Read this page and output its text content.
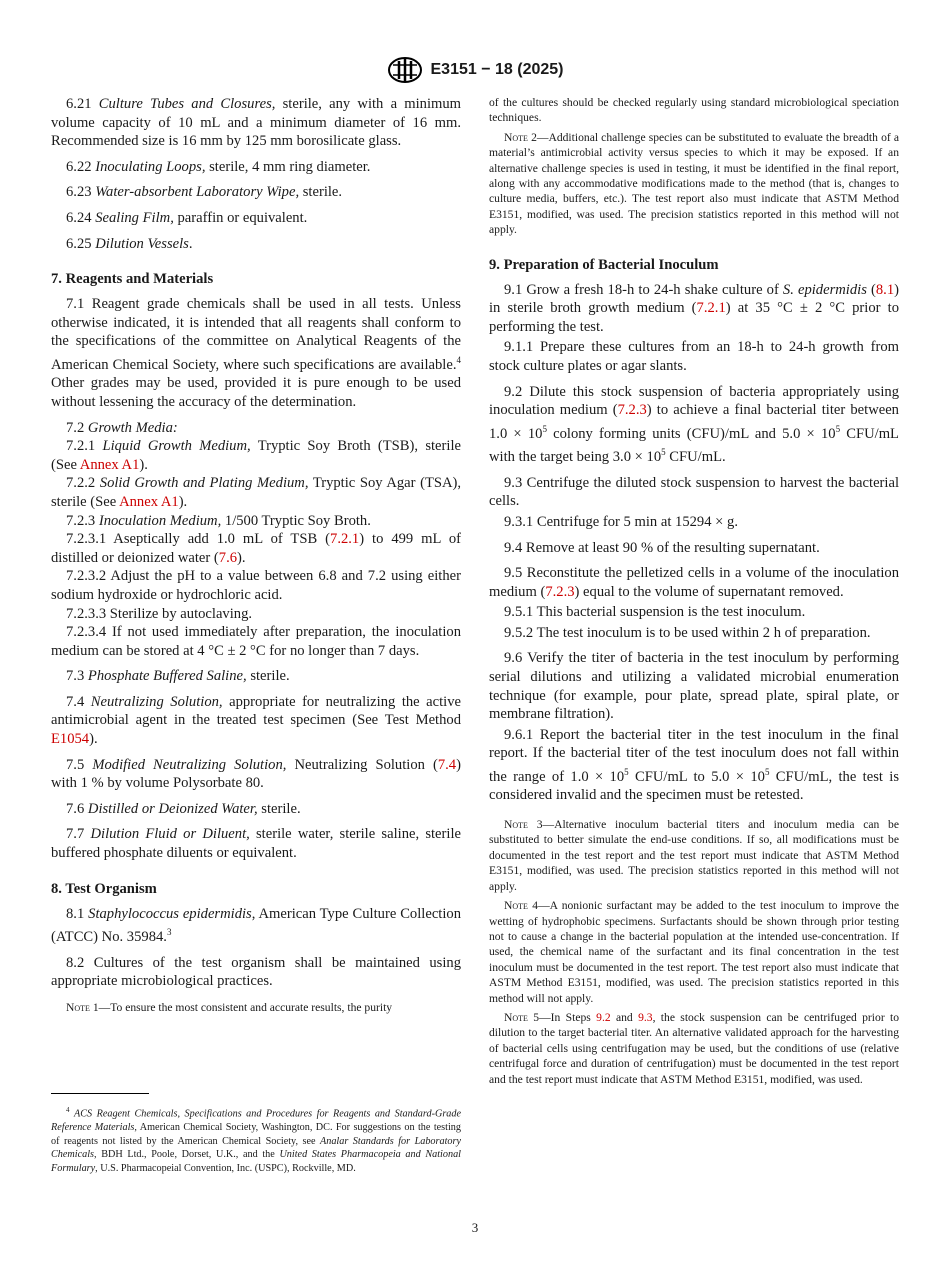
E3151 − 18 (2025)

6.21 Culture Tubes and Closures, sterile, any with a minimum volume capacity of 10 mL and a minimum diameter of 16 mm. Recommended size is 16 mm by 125 mm borosilicate glass.

6.22 Inoculating Loops, sterile, 4 mm ring diameter.

6.23 Water-absorbent Laboratory Wipe, sterile.

6.24 Sealing Film, paraffin or equivalent.

6.25 Dilution Vessels.

7. Reagents and Materials

7.1 Reagent grade chemicals shall be used in all tests. Unless otherwise indicated, it is intended that all reagents shall conform to the specifications of the committee on Analytical Reagents of the American Chemical Society, where such specifications are available.$^4$ Other grades may be used, provided it is pure enough to be used without lessening the accuracy of the determination.

7.2 Growth Media:

7.2.1 Liquid Growth Medium, Tryptic Soy Broth (TSB), sterile (See Annex A1).

7.2.2 Solid Growth and Plating Medium, Tryptic Soy Agar (TSA), sterile (See Annex A1).

7.2.3 Inoculation Medium, 1/500 Tryptic Soy Broth.

7.2.3.1 Aseptically add 1.0 mL of TSB (7.2.1) to 499 mL of distilled or deionized water (7.6).

7.2.3.2 Adjust the pH to a value between 6.8 and 7.2 using either sodium hydroxide or hydrochloric acid.

7.2.3.3 Sterilize by autoclaving.

7.2.3.4 If not used immediately after preparation, the inoculation medium can be stored at 4 °C ± 2 °C for no longer than 7 days.

7.3 Phosphate Buffered Saline, sterile.

7.4 Neutralizing Solution, appropriate for neutralizing the active antimicrobial agent in the treated test specimen (See Test Method E1054).

7.5 Modified Neutralizing Solution, Neutralizing Solution (7.4) with 1 % by volume Polysorbate 80.

7.6 Distilled or Deionized Water, sterile.

7.7 Dilution Fluid or Diluent, sterile water, sterile saline, sterile buffered phosphate diluents or equivalent.

8. Test Organism

8.1 Staphylococcus epidermidis, American Type Culture Collection (ATCC) No. 35984.$^3$

8.2 Cultures of the test organism shall be maintained using appropriate microbiological practices.

Note 1—To ensure the most consistent and accurate results, the purity

$^4$ ACS Reagent Chemicals, Specifications and Procedures for Reagents and Standard-Grade Reference Materials, American Chemical Society, Washington, DC. For suggestions on the testing of reagents not listed by the American Chemical Society, see Analar Standards for Laboratory Chemicals, BDH Ltd., Poole, Dorset, U.K., and the United States Pharmacopeia and National Formulary, U.S. Pharmacopeial Convention, Inc. (USPC), Rockville, MD.

of the cultures should be checked regularly using standard microbiological speciation techniques.

Note 2—Additional challenge species can be substituted to evaluate the breadth of a material’s antimicrobial activity versus species to which it may be exposed. If an alternative challenge species is used in testing, it must be identified in the final report, along with any accommodative modifications made to the method (that is, changes to culture media, buffers, etc.). The test report also must indicate that ASTM Method E3151, modified, was used. The precision statistics reported in this method will not apply.

9. Preparation of Bacterial Inoculum

9.1 Grow a fresh 18-h to 24-h shake culture of S. epidermidis (8.1) in sterile broth growth medium (7.2.1) at 35 °C ± 2 °C prior to performing the test.

9.1.1 Prepare these cultures from an 18-h to 24-h growth from stock culture plates or agar slants.

9.2 Dilute this stock suspension of bacteria appropriately using inoculation medium (7.2.3) to achieve a final bacterial titer between $1.0 \times 10^5$ colony forming units (CFU)/mL and $5.0 \times 10^5$ CFU/mL with the target being $3.0 \times 10^5$ CFU/mL.

9.3 Centrifuge the diluted stock suspension to harvest the bacterial cells.

9.3.1 Centrifuge for 5 min at 15294 × g.

9.4 Remove at least 90 % of the resulting supernatant.

9.5 Reconstitute the pelletized cells in a volume of the inoculation medium (7.2.3) equal to the volume of supernatant removed.

9.5.1 This bacterial suspension is the test inoculum.

9.5.2 The test inoculum is to be used within 2 h of preparation.

9.6 Verify the titer of bacteria in the test inoculum by performing serial dilutions and utilizing a validated microbial enumeration technique (for example, pour plate, spread plate, spiral plate, or membrane filtration).

9.6.1 Report the bacterial titer in the test inoculum in the final report. If the bacterial titer of the test inoculum does not fall within the range of $1.0 \times 10^5$ CFU/mL to $5.0 \times 10^5$ CFU/mL, the test is considered invalid and the specimen must be retested.

Note 3—Alternative inoculum bacterial titers and inoculum media can be substituted to better simulate the end-use conditions. If so, all modifications must be documented in the test report and the test report must indicate that ASTM Method E3151, modified, was used. The precision statistics reported in this method will not apply.

Note 4—A nonionic surfactant may be added to the test inoculum to improve the wetting of hydrophobic specimens. Surfactants should be shown through prior testing not to cause a change in the bacterial population at the intended use-concentration. If used, the chemical name of the surfactant and its final concentration in the test inoculum must be documented in the test report. The test report also must indicate that ASTM Method E3151, modified, was used. The precision statistics reported in this method will not apply.

Note 5—In Steps 9.2 and 9.3, the stock suspension can be centrifuged prior to dilution to the target bacterial titer. An alternative validated approach for the harvesting of bacterial cells using centrifugation may be used, but the conditions of use (relative centrifugal force and duration of centrifugation) must be documented in the test report and the test report must indicate that ASTM Method E3151, modified, was used.

3
